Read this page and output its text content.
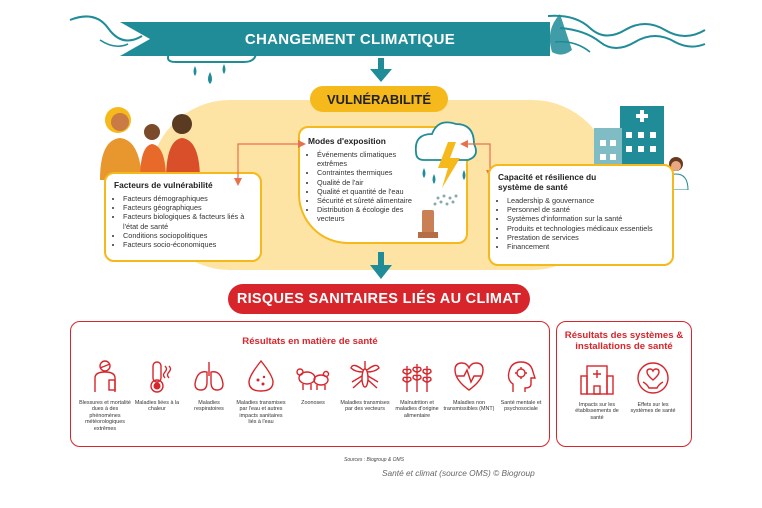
CHANGEMENT CLIMATIQUE
VULNÉRABILITÉ
Facteurs de vulnérabilité
• Facteurs démographiques
• Facteurs géographiques
• Facteurs biologiques & facteurs liés à l'état de santé
• Conditions sociopolitiques
• Facteurs socio-économiques
Modes d'exposition
• Événements climatiques extrêmes
• Contraintes thermiques
• Qualité de l'air
• Qualité et quantité de l'eau
• Sécurité et sûreté alimentaire
• Distribution & écologie des vecteurs
Capacité et résilience du système de santé
• Leadership & gouvernance
• Personnel de santé
• Systèmes d'information sur la santé
• Produits et technologies médicaux essentiels
• Prestation de services
• Financement
RISQUES SANITAIRES LIÉS AU CLIMAT
Résultats en matière de santé
Blessures et mortalité dues à des phénomènes météorologiques extrêmes
Maladies liées à la chaleur
Maladies respiratoires
Maladies transmises par l'eau et autres impacts sanitaires liés à l'eau
Zoonoses	Maladies transmises par des vecteurs
Malnutrition et maladies d'origine alimentaire
Maladies non transmissibles (MNT)
Santé mentale et psychosociale
Résultats des systèmes & installations de santé
Impacts sur les établissements de santé
Effets sur les systèmes de santé
Sources : Biogroup & OMS
Santé et climat (source OMS) © Biogroup
